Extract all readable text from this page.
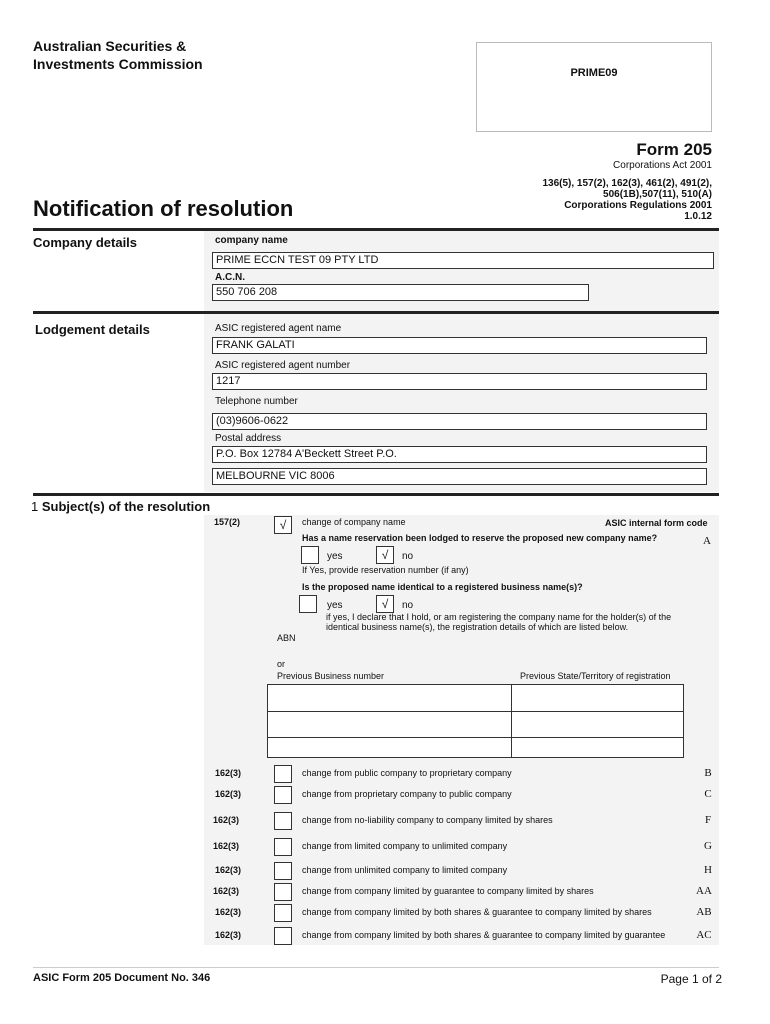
Australian Securities &
Investments Commission
PRIME09
Form 205
Corporations Act 2001
136(5), 157(2), 162(3), 461(2), 491(2),
506(1B),507(11), 510(A)
Corporations Regulations 2001
1.0.12
Notification of resolution
Company details	company name
PRIME ECCN TEST 09 PTY LTD
A.C.N.
550 706 208
Lodgement details	ASIC registered agent name
FRANK GALATI
ASIC registered agent number
1217
Telephone number
(03)9606-0622
Postal address
P.O. Box 12784 A'Beckett Street P.O.
MELBOURNE VIC 8006
1 Subject(s) of the resolution
157(2)	√	change of company name	ASIC internal form code
A
Has a name reservation been lodged to reserve the proposed new company name?
yes	√	no
If Yes, provide reservation number (if any)
Is the proposed name identical to a registered business name(s)?
yes	√	no
if yes, I declare that I hold, or am registering the company name for the holder(s) of the
identical business name(s), the registration details of which are listed below.
ABN
or
Previous Business number	Previous State/Territory of registration
162(3)	change from public company to proprietary company	B
162(3)	change from proprietary company to public company	C
162(3)	change from no-liability company to company limited by shares	F
162(3)	change from limited company to unlimited company	G
162(3)	change from unlimited company to limited company	H
162(3)	change from company limited by guarantee to company limited by shares	AA
162(3)	change from company limited by both shares & guarantee to company limited by shares	AB
162(3)	change from company limited by both shares & guarantee to company limited by guarantee	AC
ASIC Form 205 Document No. 346	Page 1 of 2
